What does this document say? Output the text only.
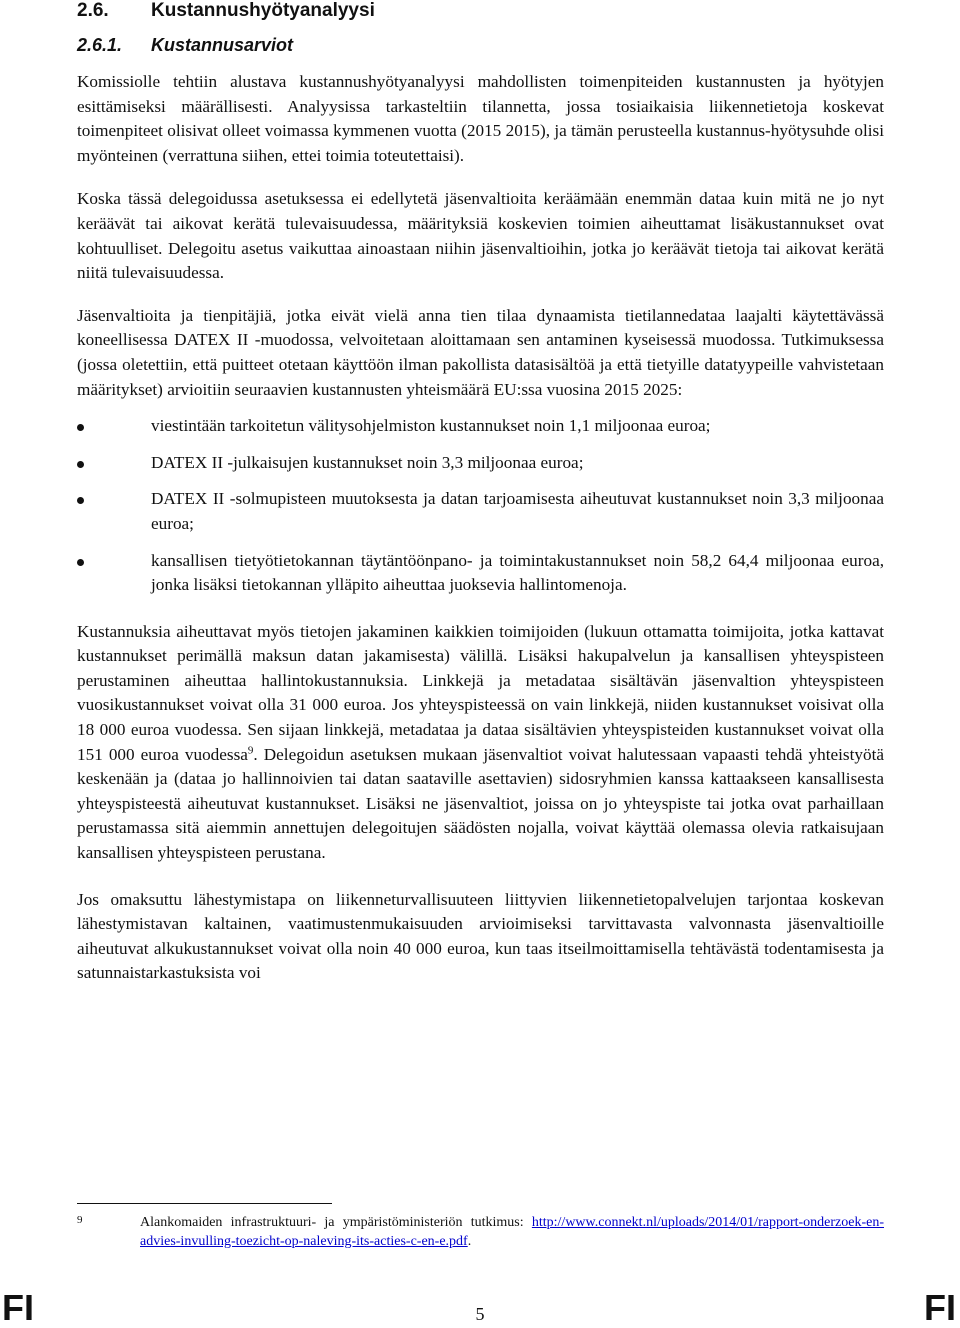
2.6.	Kustannushyötyanalyysi
2.6.1.	Kustannusarviot

Komissiolle tehtiin alustava kustannushyötyanalyysi mahdollisten toimenpiteiden kustannusten ja hyötyjen esittämiseksi määrällisesti. Analyysissa tarkasteltiin tilannetta, jossa tosiaikaisia liikennetietoja koskevat toimenpiteet olisivat olleet voimassa kymmenen vuotta (2015 2015), ja tämän perusteella kustannus-hyötysuhde olisi myönteinen (verrattuna siihen, ettei toimia toteutettaisi).

Koska tässä delegoidussa asetuksessa ei edellytetä jäsenvaltioita keräämään enemmän dataa kuin mitä ne jo nyt keräävät tai aikovat kerätä tulevaisuudessa, määrityksiä koskevien toimien aiheuttamat lisäkustannukset ovat kohtuulliset. Delegoitu asetus vaikuttaa ainoastaan niihin jäsenvaltioihin, jotka jo keräävät tietoja tai aikovat kerätä niitä tulevaisuudessa.

Jäsenvaltioita ja tienpitäjiä, jotka eivät vielä anna tien tilaa dynaamista tietilannedataa laajalti käytettävässä koneellisessa DATEX II -muodossa, velvoitetaan aloittamaan sen antaminen kyseisessä muodossa. Tutkimuksessa (jossa oletettiin, että puitteet otetaan käyttöön ilman pakollista datasisältöä ja että tietyille datatyypeille vahvistetaan määritykset) arvioitiin seuraavien kustannusten yhteismäärä EU:ssa vuosina 2015 2025:

viestintään tarkoitetun välitysohjelmiston kustannukset noin 1,1 miljoonaa euroa;
DATEX II -julkaisujen kustannukset noin 3,3 miljoonaa euroa;
DATEX II -solmupisteen muutoksesta ja datan tarjoamisesta aiheutuvat kustannukset noin 3,3 miljoonaa euroa;
kansallisen tietyötietokannan täytäntöönpano- ja toimintakustannukset noin 58,2 64,4 miljoonaa euroa, jonka lisäksi tietokannan ylläpito aiheuttaa juoksevia hallintomenoja.

Kustannuksia aiheuttavat myös tietojen jakaminen kaikkien toimijoiden (lukuun ottamatta toimijoita, jotka kattavat kustannukset perimällä maksun datan jakamisesta) välillä. Lisäksi hakupalvelun ja kansallisen yhteyspisteen perustaminen aiheuttaa hallintokustannuksia. Linkkejä ja metadataa sisältävän jäsenvaltion yhteyspisteen vuosikustannukset voivat olla 31 000 euroa. Jos yhteyspisteessä on vain linkkejä, niiden kustannukset voisivat olla 18 000 euroa vuodessa. Sen sijaan linkkejä, metadataa ja dataa sisältävien yhteyspisteiden kustannukset voivat olla 151 000 euroa vuodessa$^9$. Delegoidun asetuksen mukaan jäsenvaltiot voivat halutessaan vapaasti tehdä yhteistyötä keskenään ja (dataa jo hallinnoivien tai datan saataville asettavien) sidosryhmien kanssa kattaakseen kansallisesta yhteyspisteestä aiheutuvat kustannukset. Lisäksi ne jäsenvaltiot, joissa on jo yhteyspiste tai jotka ovat parhaillaan perustamassa sitä aiemmin annettujen delegoitujen säädösten nojalla, voivat käyttää olemassa olevia ratkaisujaan kansallisen yhteyspisteen perustana.

Jos omaksuttu lähestymistapa on liikenneturvallisuuteen liittyvien liikennetietopalvelujen tarjontaa koskevan lähestymistavan kaltainen, vaatimustenmukaisuuden arvioimiseksi tarvittavasta valvonnasta jäsenvaltioille aiheutuvat alkukustannukset voivat olla noin 40 000 euroa, kun taas itseilmoittamisella tehtävästä todentamisesta ja satunnaistarkastuksista voi

9	Alankomaiden infrastruktuuri- ja ympäristöministeriön tutkimus: http://www.connekt.nl/uploads/2014/01/rapport-onderzoek-en-advies-invulling-toezicht-op-naleving-its-acties-c-en-e.pdf.
FI	5	FI
